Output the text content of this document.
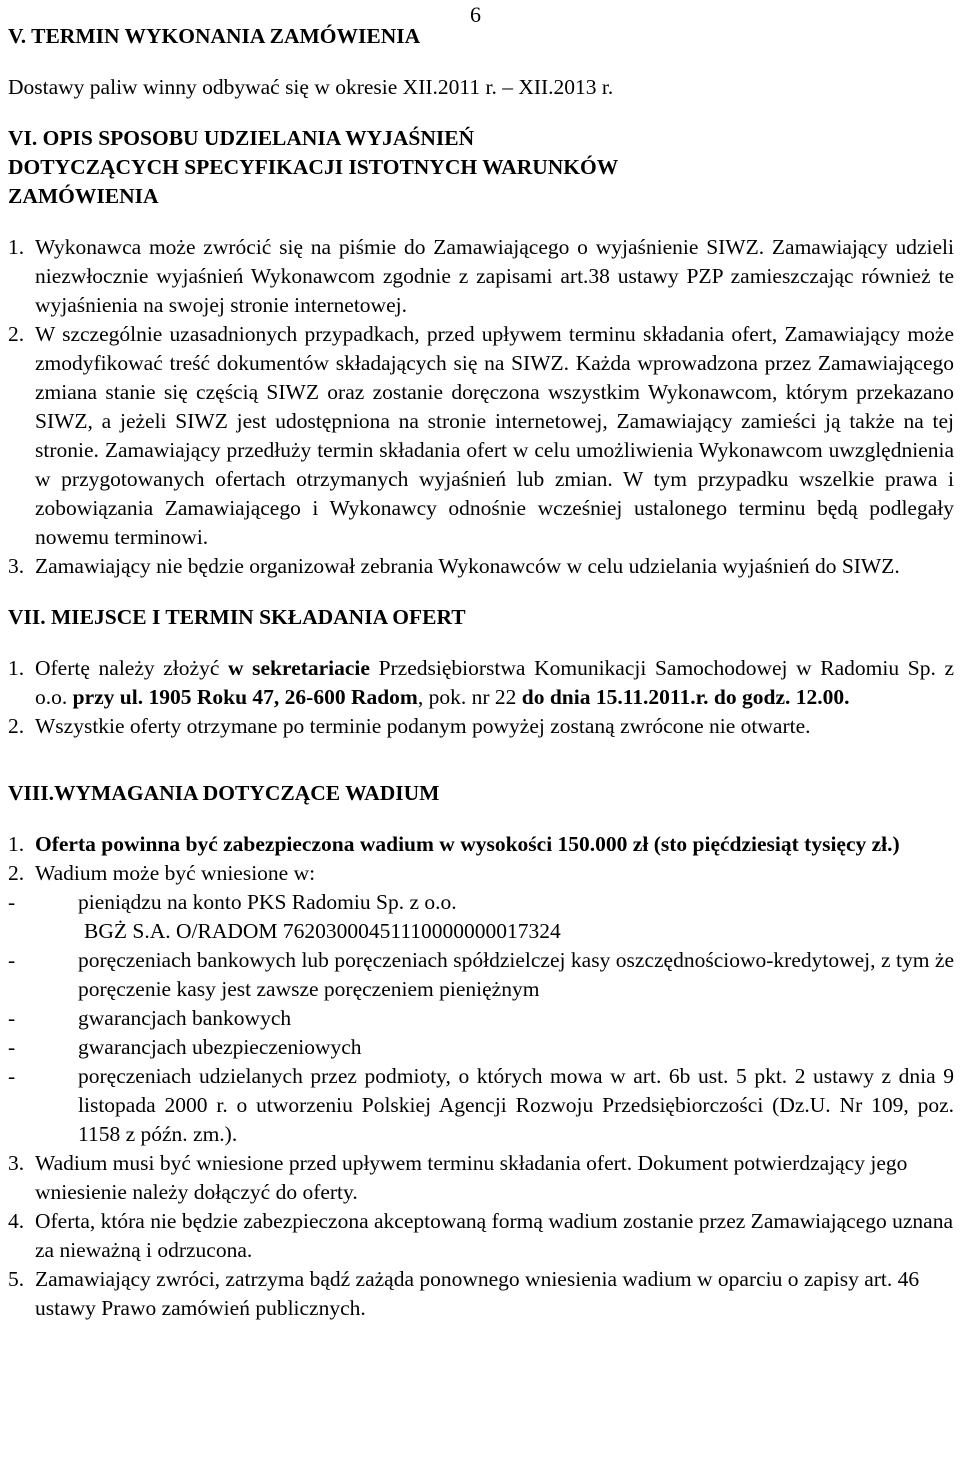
6
V. TERMIN WYKONANIA ZAMÓWIENIA

Dostawy paliw winny odbywać się w okresie XII.2011 r. – XII.2013 r.

VI. OPIS SPOSOBU UDZIELANIA WYJAŚNIEŃ DOTYCZĄCYCH SPECYFIKACJI ISTOTNYCH WARUNKÓW ZAMÓWIENIA
1. Wykonawca może zwrócić się na piśmie do Zamawiającego o wyjaśnienie SIWZ. Zamawiający udzieli niezwłocznie wyjaśnień Wykonawcom zgodnie z zapisami art.38 ustawy PZP zamieszczając również te wyjaśnienia na swojej stronie internetowej.
2. W szczególnie uzasadnionych przypadkach, przed upływem terminu składania ofert, Zamawiający może zmodyfikować treść dokumentów składających się na SIWZ. Każda wprowadzona przez Zamawiającego zmiana stanie się częścią SIWZ oraz zostanie doręczona wszystkim Wykonawcom, którym przekazano SIWZ, a jeżeli SIWZ jest udostępniona na stronie internetowej, Zamawiający zamieści ją także na tej stronie. Zamawiający przedłuży termin składania ofert w celu umożliwienia Wykonawcom uwzględnienia w przygotowanych ofertach otrzymanych wyjaśnień lub zmian. W tym przypadku wszelkie prawa i zobowiązania Zamawiającego i Wykonawcy odnośnie wcześniej ustalonego terminu będą podlegały nowemu terminowi.
3. Zamawiający nie będzie organizował zebrania Wykonawców w celu udzielania wyjaśnień do SIWZ.
VII. MIEJSCE I TERMIN SKŁADANIA OFERT
1. Ofertę należy złożyć w sekretariacie Przedsiębiorstwa Komunikacji Samochodowej w Radomiu Sp. z o.o. przy ul. 1905 Roku 47, 26-600 Radom, pok. nr 22 do dnia 15.11.2011.r. do godz. 12.00.
2. Wszystkie oferty otrzymane po terminie podanym powyżej zostaną zwrócone nie otwarte.
VIII.WYMAGANIA DOTYCZĄCE WADIUM
1. Oferta powinna być zabezpieczona wadium w wysokości 150.000 zł (sto pięćdziesiąt tysięcy zł.)
2. Wadium może być wniesione w:
-	pieniądzu na konto PKS Radomiu Sp. z o.o.
BGŻ S.A. O/RADOM 76203000451110000000017324
-	poręczeniach bankowych lub poręczeniach spółdzielczej kasy oszczędnościowo-kredytowej, z tym że poręczenie kasy jest zawsze poręczeniem pieniężnym
-	gwarancjach bankowych
-	gwarancjach ubezpieczeniowych
-	poręczeniach udzielanych przez podmioty, o których mowa w art. 6b ust. 5 pkt. 2 ustawy z dnia 9 listopada 2000 r. o utworzeniu Polskiej Agencji Rozwoju Przedsiębiorczości (Dz.U. Nr 109, poz. 1158 z późn. zm.).
3. Wadium musi być wniesione przed upływem terminu składania ofert. Dokument potwierdzający jego wniesienie należy dołączyć do oferty.
4. Oferta, która nie będzie zabezpieczona akceptowaną formą wadium zostanie przez Zamawiającego uznana za nieważną i odrzucona.
5. Zamawiający zwróci, zatrzyma bądź zażąda ponownego wniesienia wadium w oparciu o zapisy art. 46 ustawy Prawo zamówień publicznych.
